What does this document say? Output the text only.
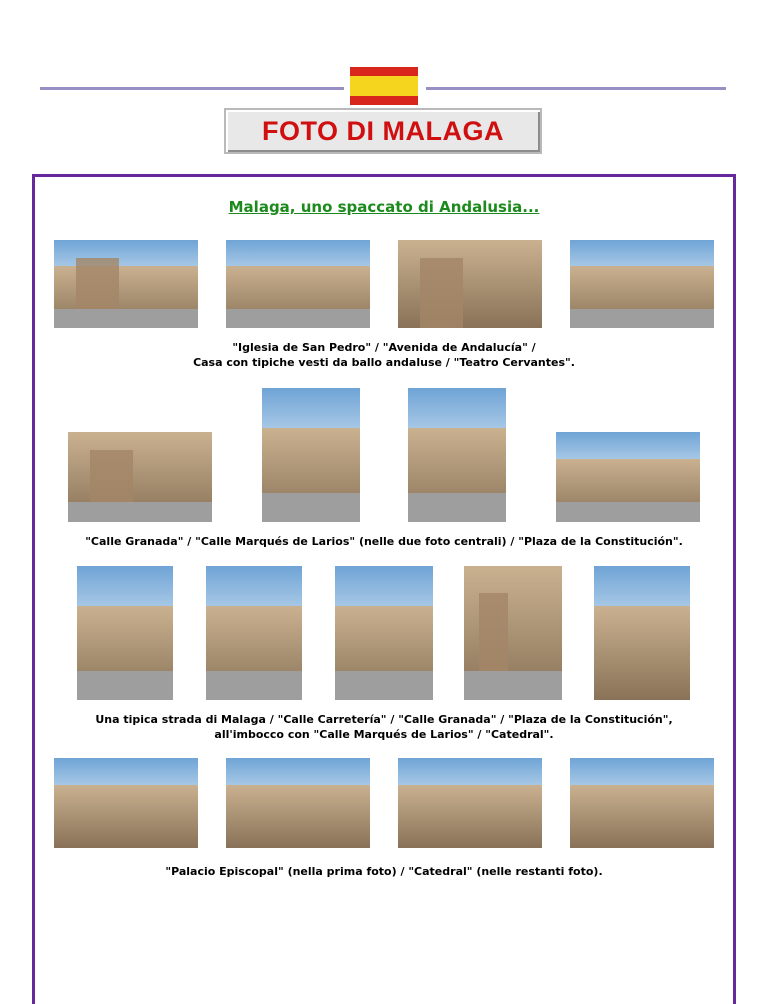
FOTO DI MALAGA
Malaga, uno spaccato di Andalusia...
"Iglesia de San Pedro" / "Avenida de Andalucía" /
Casa con tipiche vesti da ballo andaluse / "Teatro Cervantes".
"Calle Granada" / "Calle Marqués de Larios" (nelle due foto centrali) / "Plaza de la Constitución".
Una tipica strada di Malaga / "Calle Carretería" / "Calle Granada" / "Plaza de la Constitución",
all'imbocco con "Calle Marqués de Larios" / "Catedral".
"Palacio Episcopal" (nella prima foto) / "Catedral" (nelle restanti foto).
